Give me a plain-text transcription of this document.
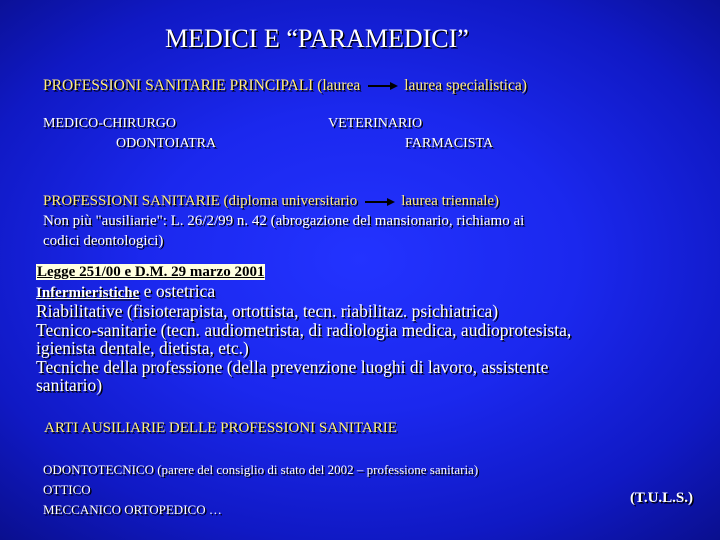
MEDICI E “PARAMEDICI”
PROFESSIONI SANITARIE PRINCIPALI (laurea	laurea specialistica)
MEDICO-CHIRURGO
ODONTOIATRA
VETERINARIO
FARMACISTA
PROFESSIONI SANITARIE (diploma universitario	laurea triennale)
Non più "ausiliarie": L. 26/2/99 n. 42 (abrogazione del mansionario, richiamo ai
codici deontologici)
Legge 251/00 e D.M. 29 marzo 2001
Infermieristiche e ostetrica
Riabilitative (fisioterapista, ortottista, tecn. riabilitaz. psichiatrica)
Tecnico-sanitarie (tecn. audiometrista, di radiologia medica, audioprotesista,
igienista dentale, dietista, etc.)
Tecniche della professione (della prevenzione luoghi di lavoro, assistente
sanitario)
ARTI AUSILIARIE DELLE PROFESSIONI SANITARIE
ODONTOTECNICO (parere del consiglio di stato del 2002 – professione sanitaria)
OTTICO
MECCANICO ORTOPEDICO …
(T.U.L.S.)
